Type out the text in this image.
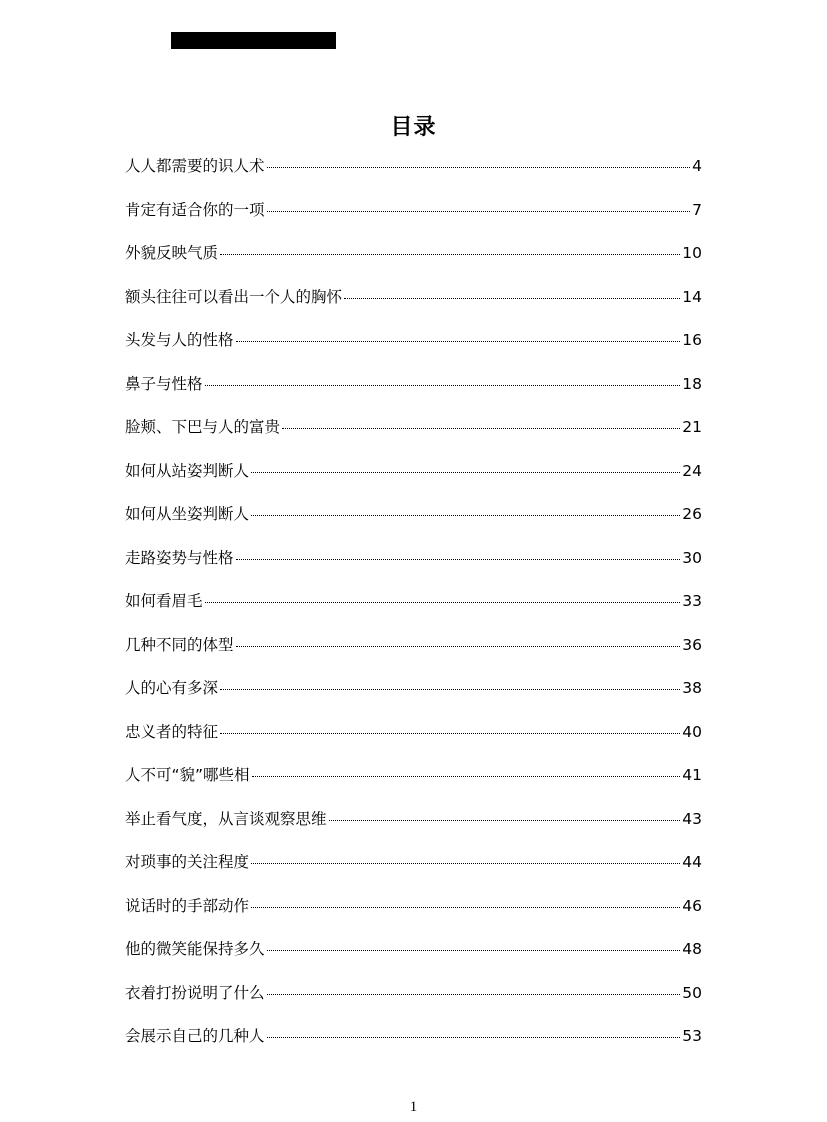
目录
人人都需要的识人术	4
肯定有适合你的一项	7
外貌反映气质	10
额头往往可以看出一个人的胸怀	14
头发与人的性格	16
鼻子与性格	18
脸颊、下巴与人的富贵	21
如何从站姿判断人	24
如何从坐姿判断人	26
走路姿势与性格	30
如何看眉毛	33
几种不同的体型	36
人的心有多深	38
忠义者的特征	40
人不可“貌”哪些相	41
举止看气度，从言谈观察思维	43
对琐事的关注程度	44
说话时的手部动作	46
他的微笑能保持多久	48
衣着打扮说明了什么	50
会展示自己的几种人	53
1
